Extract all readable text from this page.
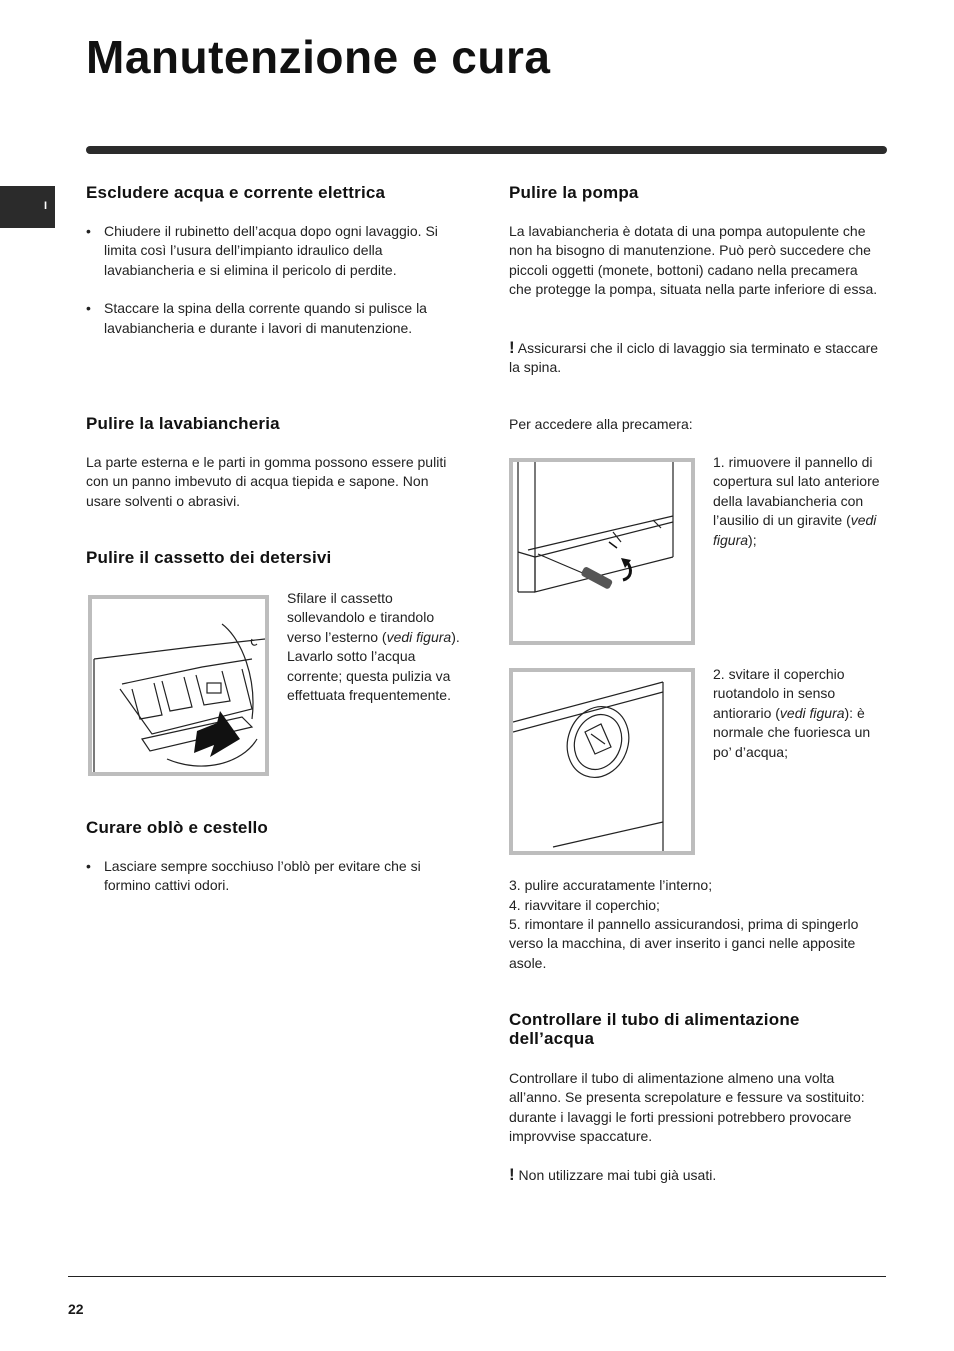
Manutenzione e cura
I
Escludere acqua e corrente elettrica
• Chiudere il rubinetto dell’acqua dopo ogni lavaggio. Si limita così l’usura dell’impianto idraulico della lavabiancheria e si elimina il pericolo di perdite.
• Staccare la spina della corrente quando si pulisce la lavabiancheria e durante i lavori di manutenzione.
Pulire la lavabiancheria

La parte esterna e le parti in gomma possono essere puliti con un panno imbevuto di acqua tiepida e sapone. Non usare solventi o abrasivi.

Pulire il cassetto dei detersivi

Sfilare il cassetto sollevandolo e tirandolo verso l’esterno (vedi figura). Lavarlo sotto l’acqua corrente; questa pulizia va effettuata frequentemente.

Curare oblò e cestello
• Lasciare sempre socchiuso l’oblò per evitare che si formino cattivi odori.
Pulire la pompa

La lavabiancheria è dotata di una pompa autopulente che non ha bisogno di manutenzione. Può però succedere che piccoli oggetti (monete, bottoni) cadano nella precamera che protegge la pompa, situata nella parte inferiore di essa.

! Assicurarsi che il ciclo di lavaggio sia terminato e staccare la spina.

Per accedere alla precamera:

1. rimuovere il pannello di copertura sul lato anteriore della lavabiancheria con l’ausilio di un giravite (vedi figura);

2. svitare il coperchio ruotandolo in senso antiorario (vedi figura): è normale che fuoriesca un po’ d’acqua;

3. pulire accuratamente l’interno;

4. riavvitare il coperchio;

5. rimontare il pannello assicurandosi, prima di spingerlo verso la macchina, di aver inserito i ganci nelle apposite asole.

Controllare il tubo di alimentazione dell’acqua

Controllare il tubo di alimentazione almeno una volta all’anno. Se presenta screpolature e fessure va sostituito: durante i lavaggi le forti pressioni potrebbero provocare improvvise spaccature.

! Non utilizzare mai tubi già usati.

22
